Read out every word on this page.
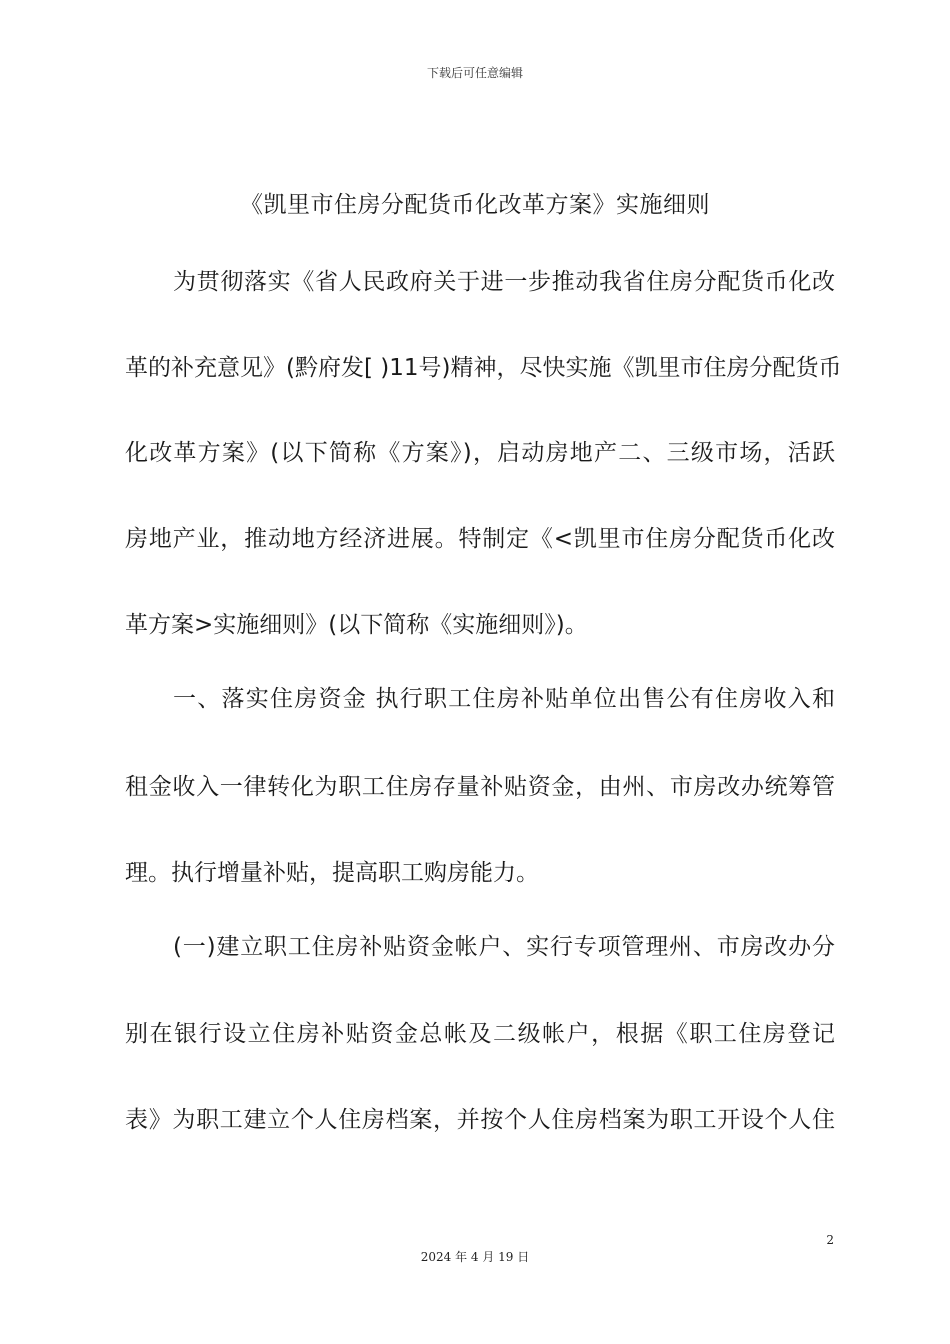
下载后可任意编辑
《凯里市住房分配货币化改革方案》实施细则
为贯彻落实《省人民政府关于进一步推动我省住房分配货币化改
革的补充意见》(黔府发[ )11号)精神，尽快实施《凯里市住房分配货币
化改革方案》(以下简称《方案》)，启动房地产二、三级市场，活跃
房地产业，推动地方经济进展。特制定《<凯里市住房分配货币化改
革方案>实施细则》(以下简称《实施细则》)。
一、落实住房资金 执行职工住房补贴单位出售公有住房收入和
租金收入一律转化为职工住房存量补贴资金，由州、市房改办统筹管
理。执行增量补贴，提高职工购房能力。
(一)建立职工住房补贴资金帐户、实行专项管理州、市房改办分
别在银行设立住房补贴资金总帐及二级帐户，根据《职工住房登记
表》为职工建立个人住房档案，并按个人住房档案为职工开设个人住
2
2024 年 4 月 19 日
